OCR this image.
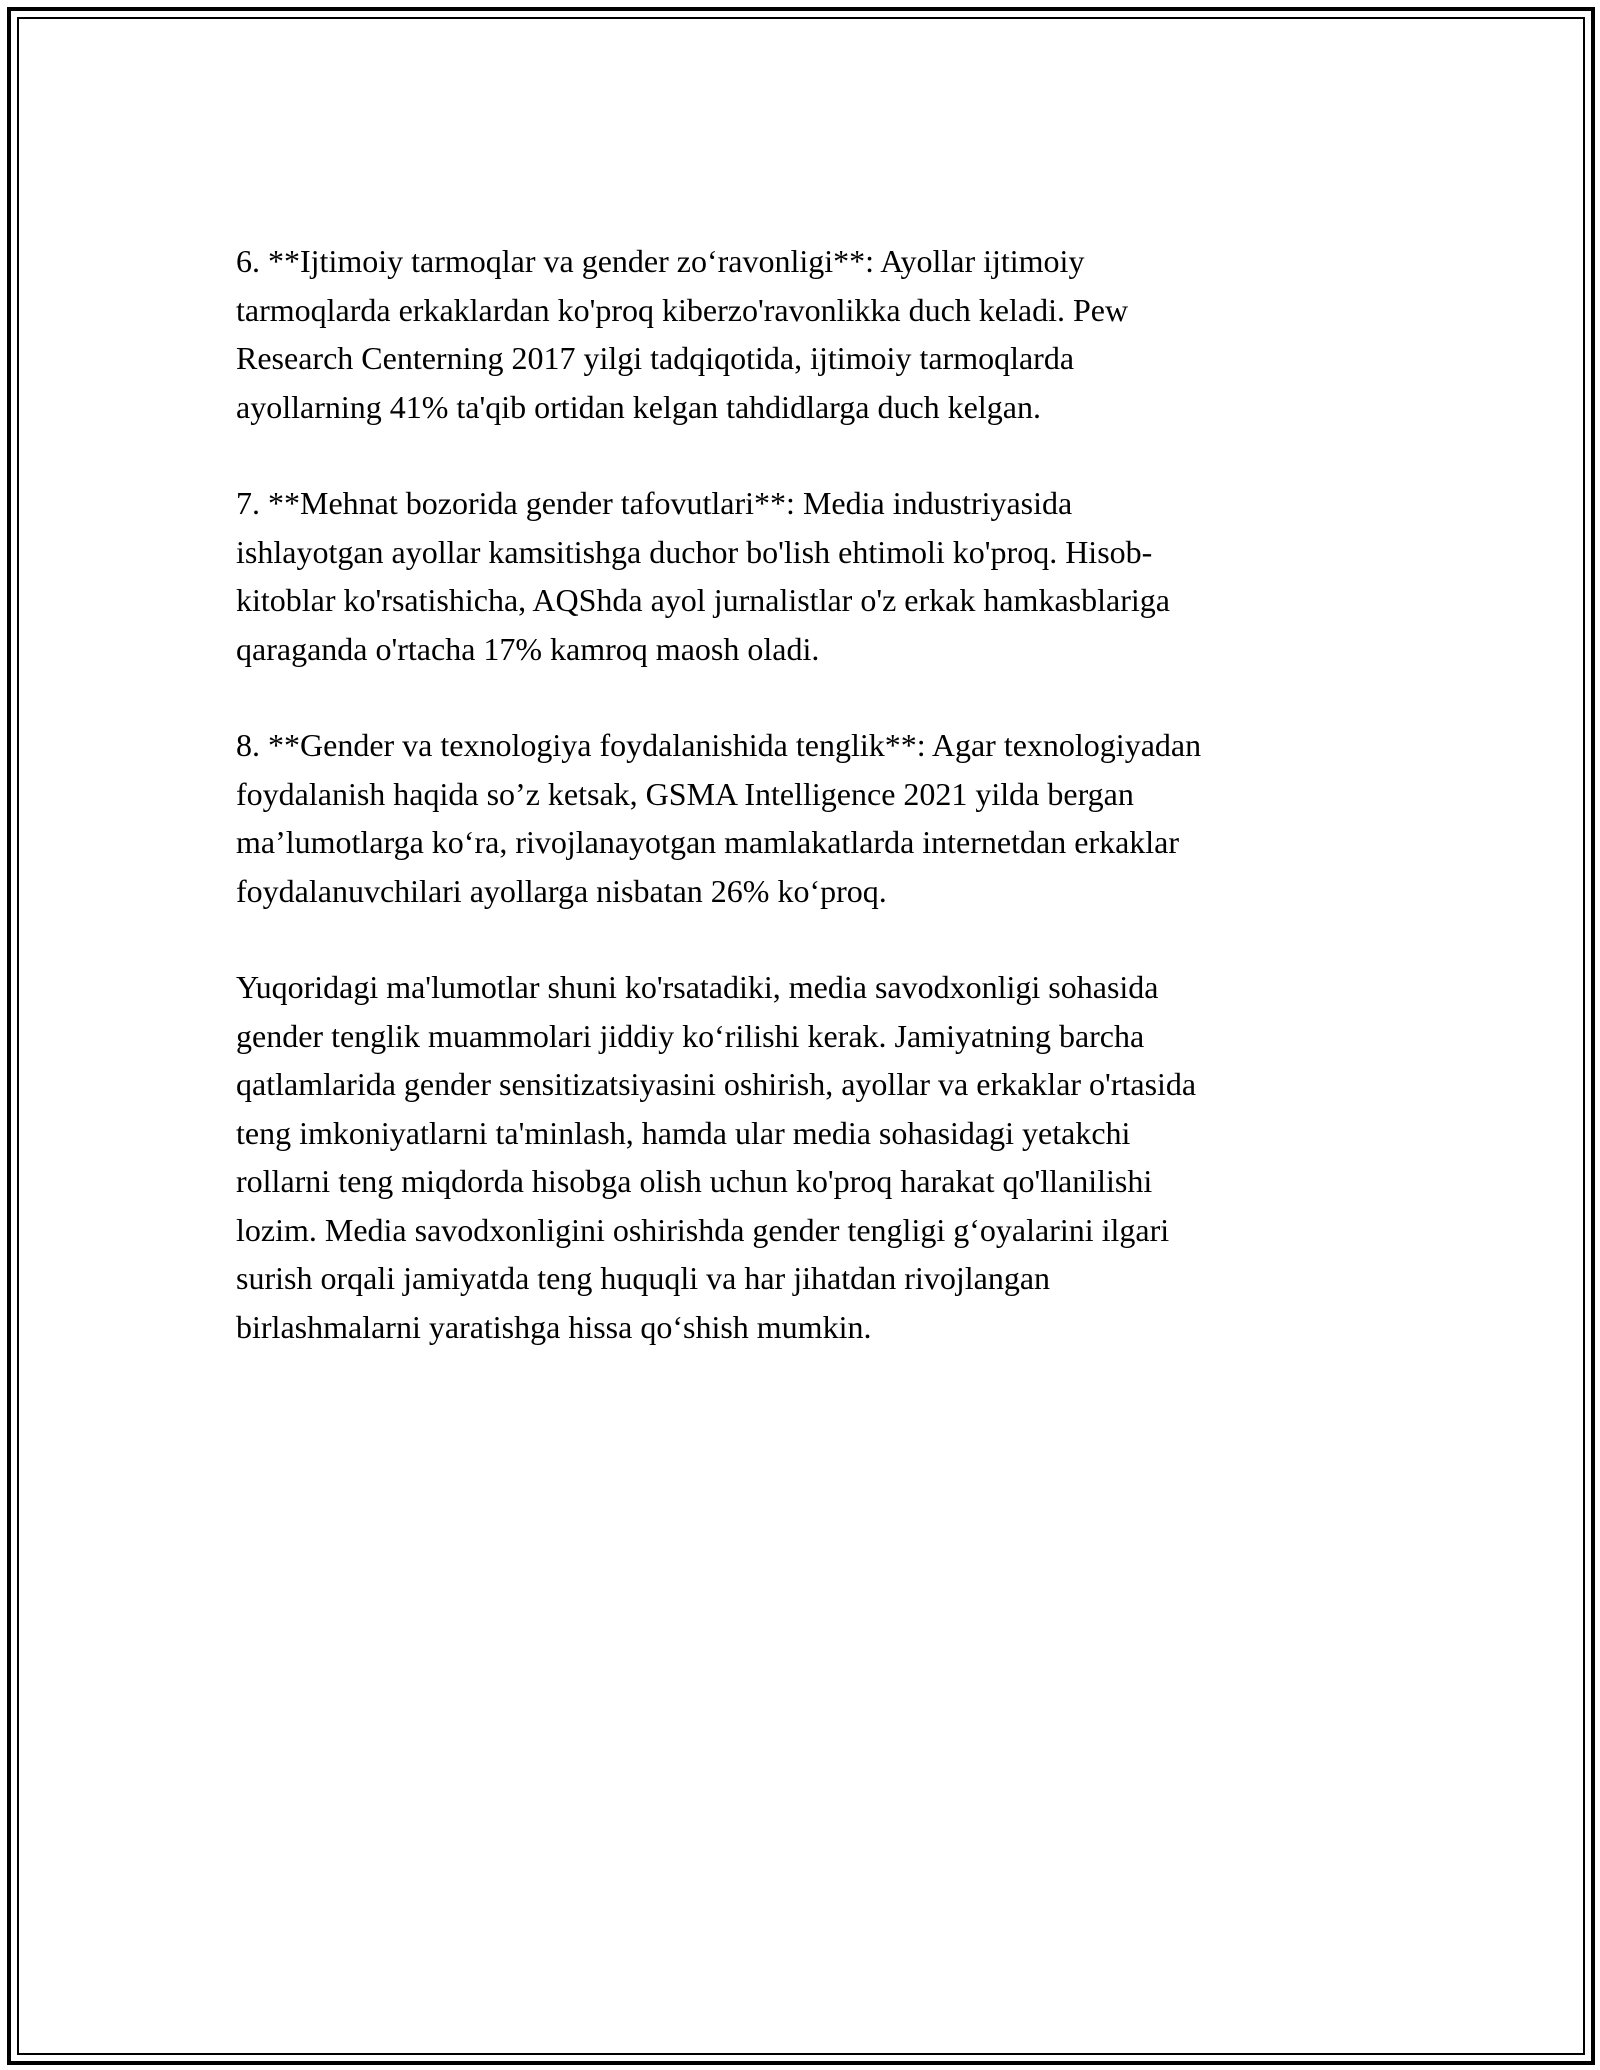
6. **Ijtimoiy tarmoqlar va gender zo‘ravonligi**: Ayollar ijtimoiy
tarmoqlarda erkaklardan ko'proq kiberzo'ravonlikka duch keladi. Pew
Research Centerning 2017 yilgi tadqiqotida, ijtimoiy tarmoqlarda
ayollarning 41% ta'qib ortidan kelgan tahdidlarga duch kelgan.
7. **Mehnat bozorida gender tafovutlari**: Media industriyasida
ishlayotgan ayollar kamsitishga duchor bo'lish ehtimoli ko'proq. Hisob-
kitoblar ko'rsatishicha, AQShda ayol jurnalistlar o'z erkak hamkasblariga
qaraganda o'rtacha 17% kamroq maosh oladi.
8. **Gender va texnologiya foydalanishida tenglik**: Agar texnologiyadan
foydalanish haqida so’z ketsak, GSMA Intelligence 2021 yilda bergan
ma’lumotlarga ko‘ra, rivojlanayotgan mamlakatlarda internetdan erkaklar
foydalanuvchilari ayollarga nisbatan 26% ko‘proq.
Yuqoridagi ma'lumotlar shuni ko'rsatadiki, media savodxonligi sohasida
gender tenglik muammolari jiddiy ko‘rilishi kerak. Jamiyatning barcha
qatlamlarida gender sensitizatsiyasini oshirish, ayollar va erkaklar o'rtasida
teng imkoniyatlarni ta'minlash, hamda ular media sohasidagi yetakchi
rollarni teng miqdorda hisobga olish uchun ko'proq harakat qo'llanilishi
lozim. Media savodxonligini oshirishda gender tengligi g‘oyalarini ilgari
surish orqali jamiyatda teng huquqli va har jihatdan rivojlangan
birlashmalarni yaratishga hissa qo‘shish mumkin.
